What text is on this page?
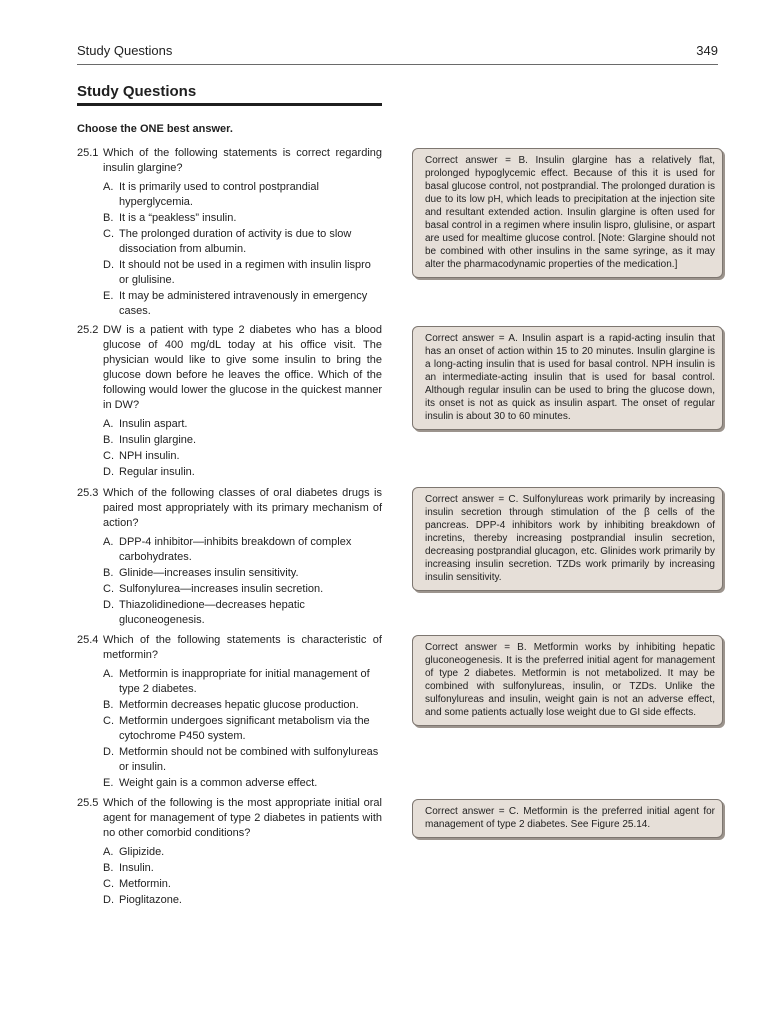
Study Questions	349
Study Questions
Choose the ONE best answer.
25.1 Which of the following statements is correct regarding insulin glargine?
A. It is primarily used to control postprandial hyperglycemia.
B. It is a “peakless” insulin.
C. The prolonged duration of activity is due to slow dissociation from albumin.
D. It should not be used in a regimen with insulin lispro or glulisine.
E. It may be administered intravenously in emergency cases.
Correct answer = B. Insulin glargine has a relatively flat, prolonged hypoglycemic effect. Because of this it is used for basal glucose control, not postprandial. The prolonged duration is due to its low pH, which leads to precipitation at the injection site and resultant extended action. Insulin glargine is often used for basal control in a regimen where insulin lispro, glulisine, or aspart are used for mealtime glucose control. [Note: Glargine should not be combined with other insulins in the same syringe, as it may alter the pharmacodynamic properties of the medication.]
25.2 DW is a patient with type 2 diabetes who has a blood glucose of 400 mg/dL today at his office visit. The physician would like to give some insulin to bring the glucose down before he leaves the office. Which of the following would lower the glucose in the quickest manner in DW?
A. Insulin aspart.
B. Insulin glargine.
C. NPH insulin.
D. Regular insulin.
Correct answer = A. Insulin aspart is a rapid-acting insulin that has an onset of action within 15 to 20 minutes. Insulin glargine is a long-acting insulin that is used for basal control. NPH insulin is an intermediate-acting insulin that is used for basal control. Although regular insulin can be used to bring the glucose down, its onset is not as quick as insulin aspart. The onset of regular insulin is about 30 to 60 minutes.
25.3 Which of the following classes of oral diabetes drugs is paired most appropriately with its primary mechanism of action?
A. DPP-4 inhibitor—inhibits breakdown of complex carbohydrates.
B. Glinide—increases insulin sensitivity.
C. Sulfonylurea—increases insulin secretion.
D. Thiazolidinedione—decreases hepatic gluconeogenesis.
Correct answer = C. Sulfonylureas work primarily by increasing insulin secretion through stimulation of the β cells of the pancreas. DPP-4 inhibitors work by inhibiting breakdown of incretins, thereby increasing postprandial insulin secretion, decreasing postprandial glucagon, etc. Glinides work primarily by increasing insulin secretion. TZDs work primarily by increasing insulin sensitivity.
25.4 Which of the following statements is characteristic of metformin?
A. Metformin is inappropriate for initial management of type 2 diabetes.
B. Metformin decreases hepatic glucose production.
C. Metformin undergoes significant metabolism via the cytochrome P450 system.
D. Metformin should not be combined with sulfonylureas or insulin.
E. Weight gain is a common adverse effect.
Correct answer = B. Metformin works by inhibiting hepatic gluconeogenesis. It is the preferred initial agent for management of type 2 diabetes. Metformin is not metabolized. It may be combined with sulfonylureas, insulin, or TZDs. Unlike the sulfonylureas and insulin, weight gain is not an adverse effect, and some patients actually lose weight due to GI side effects.
25.5 Which of the following is the most appropriate initial oral agent for management of type 2 diabetes in patients with no other comorbid conditions?
A. Glipizide.
B. Insulin.
C. Metformin.
D. Pioglitazone.
Correct answer = C. Metformin is the preferred initial agent for management of type 2 diabetes. See Figure 25.14.
